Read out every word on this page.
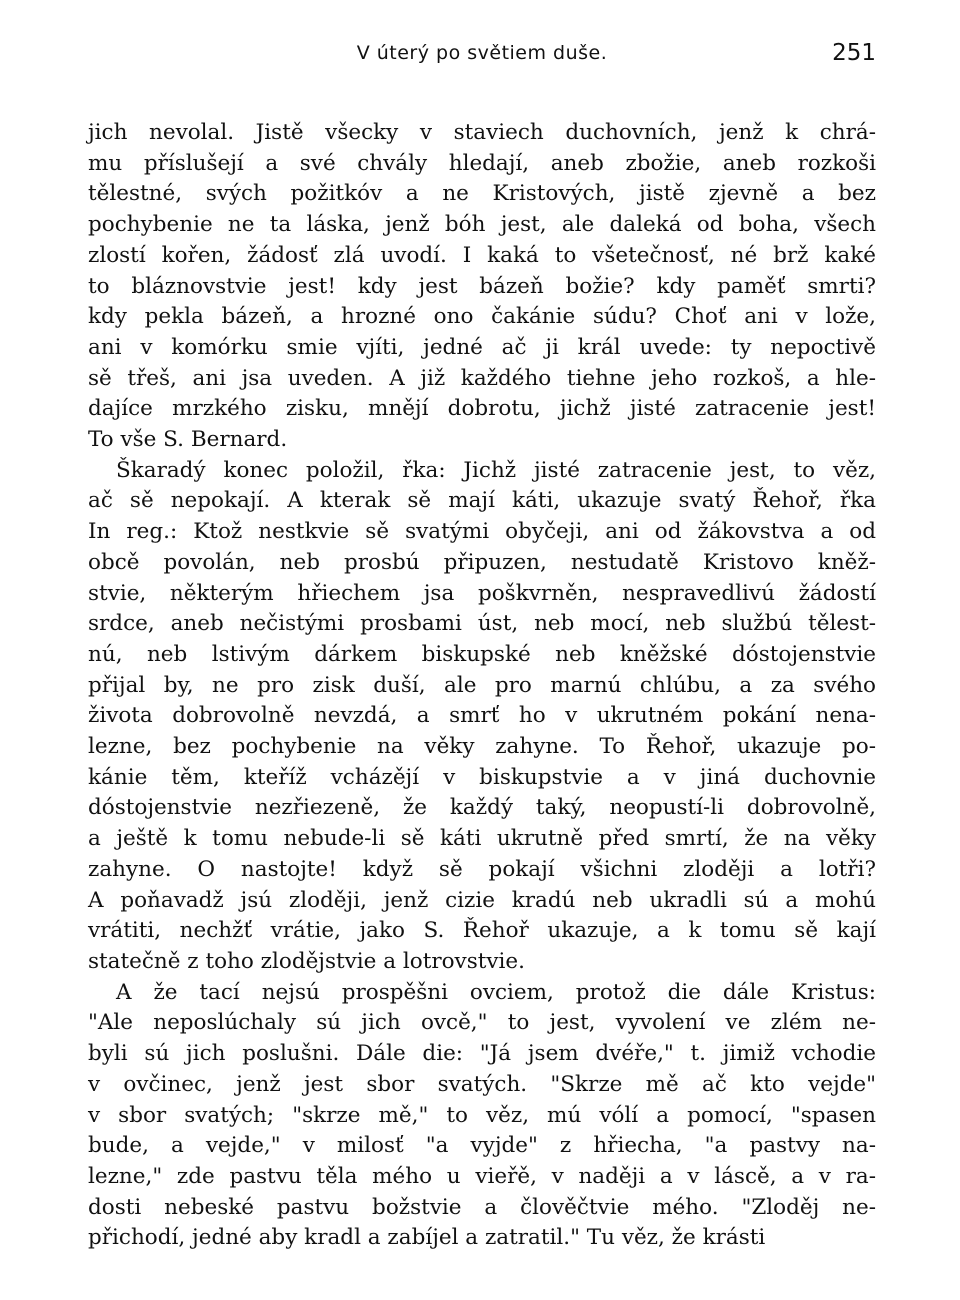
V úterý po světiem duše.	251
jich nevolal. Jistě všecky v staviech duchovních, jenž k chrá-
mu příslušejí a své chvály hledají, aneb zbožie, aneb rozkoši
tělestné, svých požitkóv a ne Kristových, jistě zjevně a bez
pochybenie ne ta láska, jenž bóh jest, ale daleká od boha, všech
zlostí kořen, žádosť zlá uvodí. I kaká to všetečnosť, né brž kaké
to bláznovstvie jest! kdy jest bázeň božie? kdy paměť smrti?
kdy pekla bázeň, a hrozné ono čakánie súdu? Choť ani v lože,
ani v komórku smie vjíti, jedné ač ji král uvede: ty nepoctivě
sě třeš, ani jsa uveden. A již každého tiehne jeho rozkoš, a hle-
dajíce mrzkého zisku, mnějí dobrotu, jichž jisté zatracenie jest!
To vše S. Bernard.
Škaradý konec položil, řka: Jichž jisté zatracenie jest, to věz,
ač sě nepokají. A kterak sě mají káti, ukazuje svatý Řehoř, řka
In reg.: Ktož nestkvie sě svatými obyčeji, ani od žákovstva a od
obcě povolán, neb prosbú připuzen, nestudatě Kristovo kněž-
stvie, některým hřiechem jsa poškvrněn, nespravedlivú žádostí
srdce, aneb nečistými prosbami úst, neb mocí, neb službú tělest-
nú, neb lstivým dárkem biskupské neb kněžské dóstojenstvie
přijal by, ne pro zisk duší, ale pro marnú chlúbu, a za svého
života dobrovolně nevzdá, a smrť ho v ukrutném pokání nena-
lezne, bez pochybenie na věky zahyne. To Řehoř, ukazuje po-
kánie těm, kteříž vcházějí v biskupstvie a v jiná duchovnie
dóstojenstvie nezřiezeně, že každý taký, neopustí-li dobrovolně,
a ještě k tomu nebude-li sě káti ukrutně před smrtí, že na věky
zahyne. O nastojte! když sě pokají všichni zloději a lotři?
A poňavadž jsú zloději, jenž cizie kradú neb ukradli sú a mohú
vrátiti, nechžť vrátie, jako S. Řehoř ukazuje, a k tomu sě kají
statečně z toho zlodějstvie a lotrovstvie.
A že tací nejsú prospěšni ovciem, protož die dále Kristus:
"Ale neposlúchaly sú jich ovcě," to jest, vyvolení ve zlém ne-
byli sú jich poslušni. Dále die: "Já jsem dvéře," t. jimiž vchodie
v ovčinec, jenž jest sbor svatých. "Skrze mě ač kto vejde"
v sbor svatých; "skrze mě," to věz, mú vólí a pomocí, "spasen
bude, a vejde," v milosť "a vyjde" z hřiecha, "a pastvy na-
lezne," zde pastvu těla mého u vieřě, v naději a v láscě, a v ra-
dosti nebeské pastvu božstvie a člověčtvie mého. "Zloděj ne-
přichodí, jedné aby kradl a zabíjel a zatratil." Tu věz, že krásti
